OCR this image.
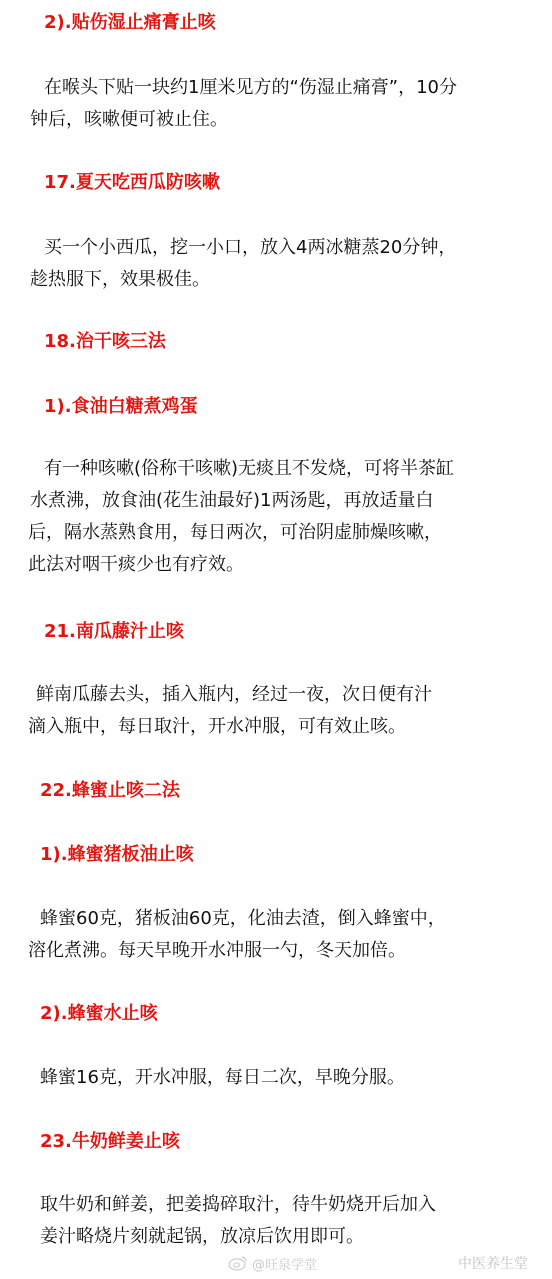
2).贴伤湿止痛膏止咳
在喉头下贴一块约1厘米见方的“伤湿止痛膏”，10分
钟后，咳嗽便可被止住。
17.夏天吃西瓜防咳嗽
买一个小西瓜，挖一小口，放入4两冰糖蒸20分钟，
趁热服下，效果极佳。
18.治干咳三法
1).食油白糖煮鸡蛋
有一种咳嗽(俗称干咳嗽)无痰且不发烧，可将半茶缸
水煮沸，放食油(花生油最好)1两汤匙，再放适量白
后，隔水蒸熟食用，每日两次，可治阴虚肺燥咳嗽，
此法对咽干痰少也有疗效。
21.南瓜藤汁止咳
鲜南瓜藤去头，插入瓶内，经过一夜，次日便有汁
滴入瓶中，每日取汁，开水冲服，可有效止咳。
22.蜂蜜止咳二法
1).蜂蜜猪板油止咳
蜂蜜60克，猪板油60克，化油去渣，倒入蜂蜜中，
溶化煮沸。每天早晚开水冲服一勺，冬天加倍。
2).蜂蜜水止咳
蜂蜜16克，开水冲服，每日二次，早晚分服。
23.牛奶鲜姜止咳
取牛奶和鲜姜，把姜捣碎取汁，待牛奶烧开后加入
姜汁略烧片刻就起锅，放凉后饮用即可。
@旺泉学堂	中医养生堂
